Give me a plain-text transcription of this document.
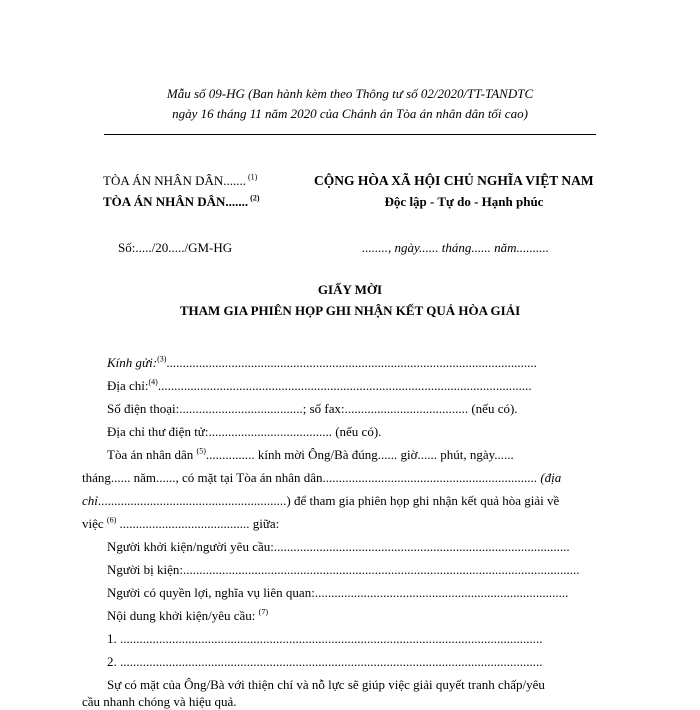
Mẫu số 09-HG (Ban hành kèm theo Thông tư số 02/2020/TT-TANDTC
ngày 16 tháng 11 năm 2020 của Chánh án Tòa án nhân dân tối cao)
TÒA ÁN NHÂN DÂN....... $^{(1)}$
TÒA ÁN NHÂN DÂN....... $^{(2)}$
Số:...../20...../GM-HG
CỘNG HÒA XÃ HỘI CHỦ NGHĨA VIỆT NAM
Độc lập - Tự do - Hạnh phúc
........, ngày...... tháng...... năm..........
GIẤY MỜI
THAM GIA PHIÊN HỌP GHI NHẬN KẾT QUẢ HÒA GIẢI
Kính gửi:$^{(3)}$..................................................................................................................
Địa chỉ:$^{(4)}$...................................................................................................................
Số điện thoại:......................................; số fax:...................................... (nếu có).
Địa chỉ thư điện tử:...................................... (nếu có).
Tòa án nhân dân $^{(5)}$............... kính mời Ông/Bà đúng...... giờ...... phút, ngày......
tháng...... năm......, có mặt tại Tòa án nhân dân.................................................................. (địa
chỉ..........................................................) để tham gia phiên họp ghi nhận kết quả hòa giải về
việc $^{(6)}$ ........................................ giữa:
Người khởi kiện/người yêu cầu:...........................................................................................
Người bị kiện:..........................................................................................................................
Người có quyền lợi, nghĩa vụ liên quan:..............................................................................
Nội dung khởi kiện/yêu cầu: $^{(7)}$
1. ..................................................................................................................................
2. ..................................................................................................................................
Sự có mặt của Ông/Bà với thiện chí và nỗ lực sẽ giúp việc giải quyết tranh chấp/yêu
cầu nhanh chóng và hiệu quả.
